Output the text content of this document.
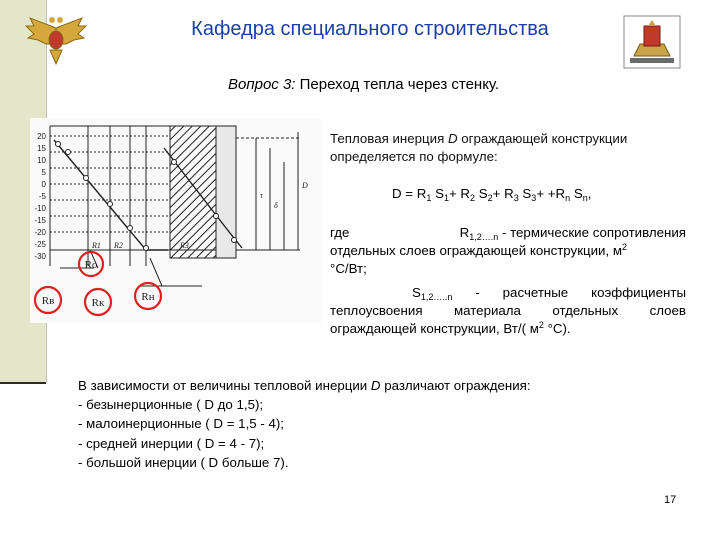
Кафедра специального строительства
Вопрос 3: Переход тепла через стенку.
20
15
10
5
0
-5
-10
-15
-20
-25
-30
R1 R2	R3
τ
δ
D
Ro
Rв	Rк	Rн
Тепловая инерция D ограждающей конструкции определяется по формуле:
$D = R_1$ $S_1+ R_2$ $S_2+ R_3$ $S_3+ +R_n$ $S_n$,
где	$R_{1,2\dots.n}$ - термические сопротивления
отдельных слоев ограждающей конструкции, $м^2$
°С/Вт;
$S_{1,2\dots..n}$ - расчетные коэффициенты теплоусвоения материала отдельных слоев ограждающей конструкции, Вт/( $м^2$ °С).
В зависимости от величины тепловой инерции D различают ограждения:
- безынерционные ( D до 1,5);
- малоинерционные ( D = 1,5 - 4);
- средней инерции ( D = 4 - 7);
- большой инерции ( D больше 7).
17
